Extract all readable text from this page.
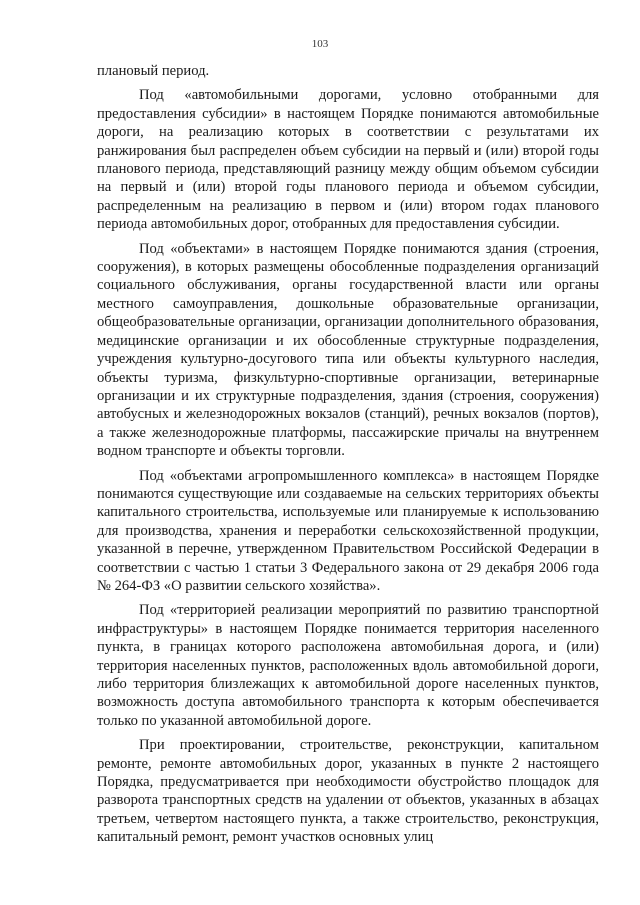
103

плановый период.

Под «автомобильными дорогами, условно отобранными для предоставления субсидии» в настоящем Порядке понимаются автомобильные дороги, на реализацию которых в соответствии с результатами их ранжирования был распределен объем субсидии на первый и (или) второй годы планового периода, представляющий разницу между общим объемом субсидии на первый и (или) второй годы планового периода и объемом субсидии, распределенным на реализацию в первом и (или) втором годах планового периода автомобильных дорог, отобранных для предоставления субсидии.

Под «объектами» в настоящем Порядке понимаются здания (строения, сооружения), в которых размещены обособленные подразделения организаций социального обслуживания, органы государственной власти или органы местного самоуправления, дошкольные образовательные организации, общеобразовательные организации, организации дополнительного образования, медицинские организации и их обособленные структурные подразделения, учреждения культурно-досугового типа или объекты культурного наследия, объекты туризма, физкультурно-спортивные организации, ветеринарные организации и их структурные подразделения, здания (строения, сооружения) автобусных и железнодорожных вокзалов (станций), речных вокзалов (портов), а также железнодорожные платформы, пассажирские причалы на внутреннем водном транспорте и объекты торговли.

Под «объектами агропромышленного комплекса» в настоящем Порядке понимаются существующие или создаваемые на сельских территориях объекты капитального строительства, используемые или планируемые к использованию для производства, хранения и переработки сельскохозяйственной продукции, указанной в перечне, утвержденном Правительством Российской Федерации в соответствии с частью 1 статьи 3 Федерального закона от 29 декабря 2006 года № 264-ФЗ «О развитии сельского хозяйства».

Под «территорией реализации мероприятий по развитию транспортной инфраструктуры» в настоящем Порядке понимается территория населенного пункта, в границах которого расположена автомобильная дорога, и (или) территория населенных пунктов, расположенных вдоль автомобильной дороги, либо территория близлежащих к автомобильной дороге населенных пунктов, возможность доступа автомобильного транспорта к которым обеспечивается только по указанной автомобильной дороге.

При проектировании, строительстве, реконструкции, капитальном ремонте, ремонте автомобильных дорог, указанных в пункте 2 настоящего Порядка, предусматривается при необходимости обустройство площадок для разворота транспортных средств на удалении от объектов, указанных в абзацах третьем, четвертом настоящего пункта, а также строительство, реконструкция, капитальный ремонт, ремонт участков основных улиц
